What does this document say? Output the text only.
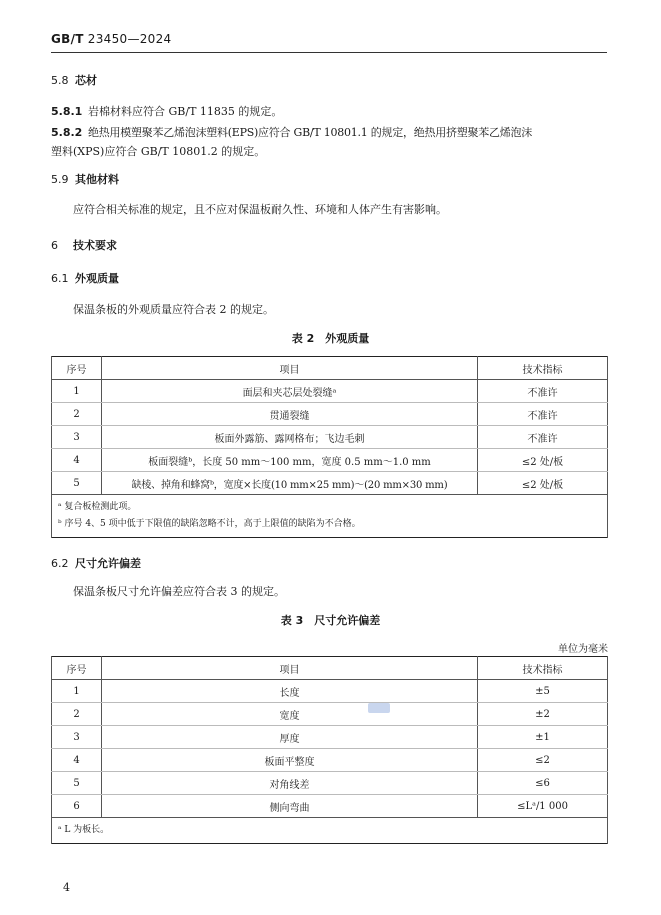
GB/T 23450—2024
5.8 芯材
5.8.1 岩棉材料应符合 GB/T 11835 的规定。
5.8.2 绝热用模塑聚苯乙烯泡沫塑料(EPS)应符合 GB/T 10801.1 的规定，绝热用挤塑聚苯乙烯泡沫
塑料(XPS)应符合 GB/T 10801.2 的规定。
5.9 其他材料
应符合相关标准的规定，且不应对保温板耐久性、环境和人体产生有害影响。
6 技术要求
6.1 外观质量
保温条板的外观质量应符合表 2 的规定。
表 2　外观质量
序号	项目	技术指标
1	面层和夹芯层处裂缝ᵃ	不准许
2	贯通裂缝	不准许
3	板面外露筋、露网格布；飞边毛刺	不准许
4	板面裂缝ᵇ，长度 50 mm～100 mm，宽度 0.5 mm～1.0 mm	≤2 处/板
5	缺棱、掉角和蜂窝ᵇ，宽度×长度(10 mm×25 mm)～(20 mm×30 mm)	≤2 处/板

ᵃ 复合板检测此项。
ᵇ 序号 4、5 项中低于下限值的缺陷忽略不计，高于上限值的缺陷为不合格。		
6.2 尺寸允许偏差
保温条板尺寸允许偏差应符合表 3 的规定。
表 3　尺寸允许偏差
单位为毫米
序号	项目	技术指标
1	长度	±5
2	宽度	±2
3	厚度	±1
4	板面平整度	≤2
5	对角线差	≤6
6	侧向弯曲	≤Lᵃ/1 000

ᵃ L 为板长。		
4
